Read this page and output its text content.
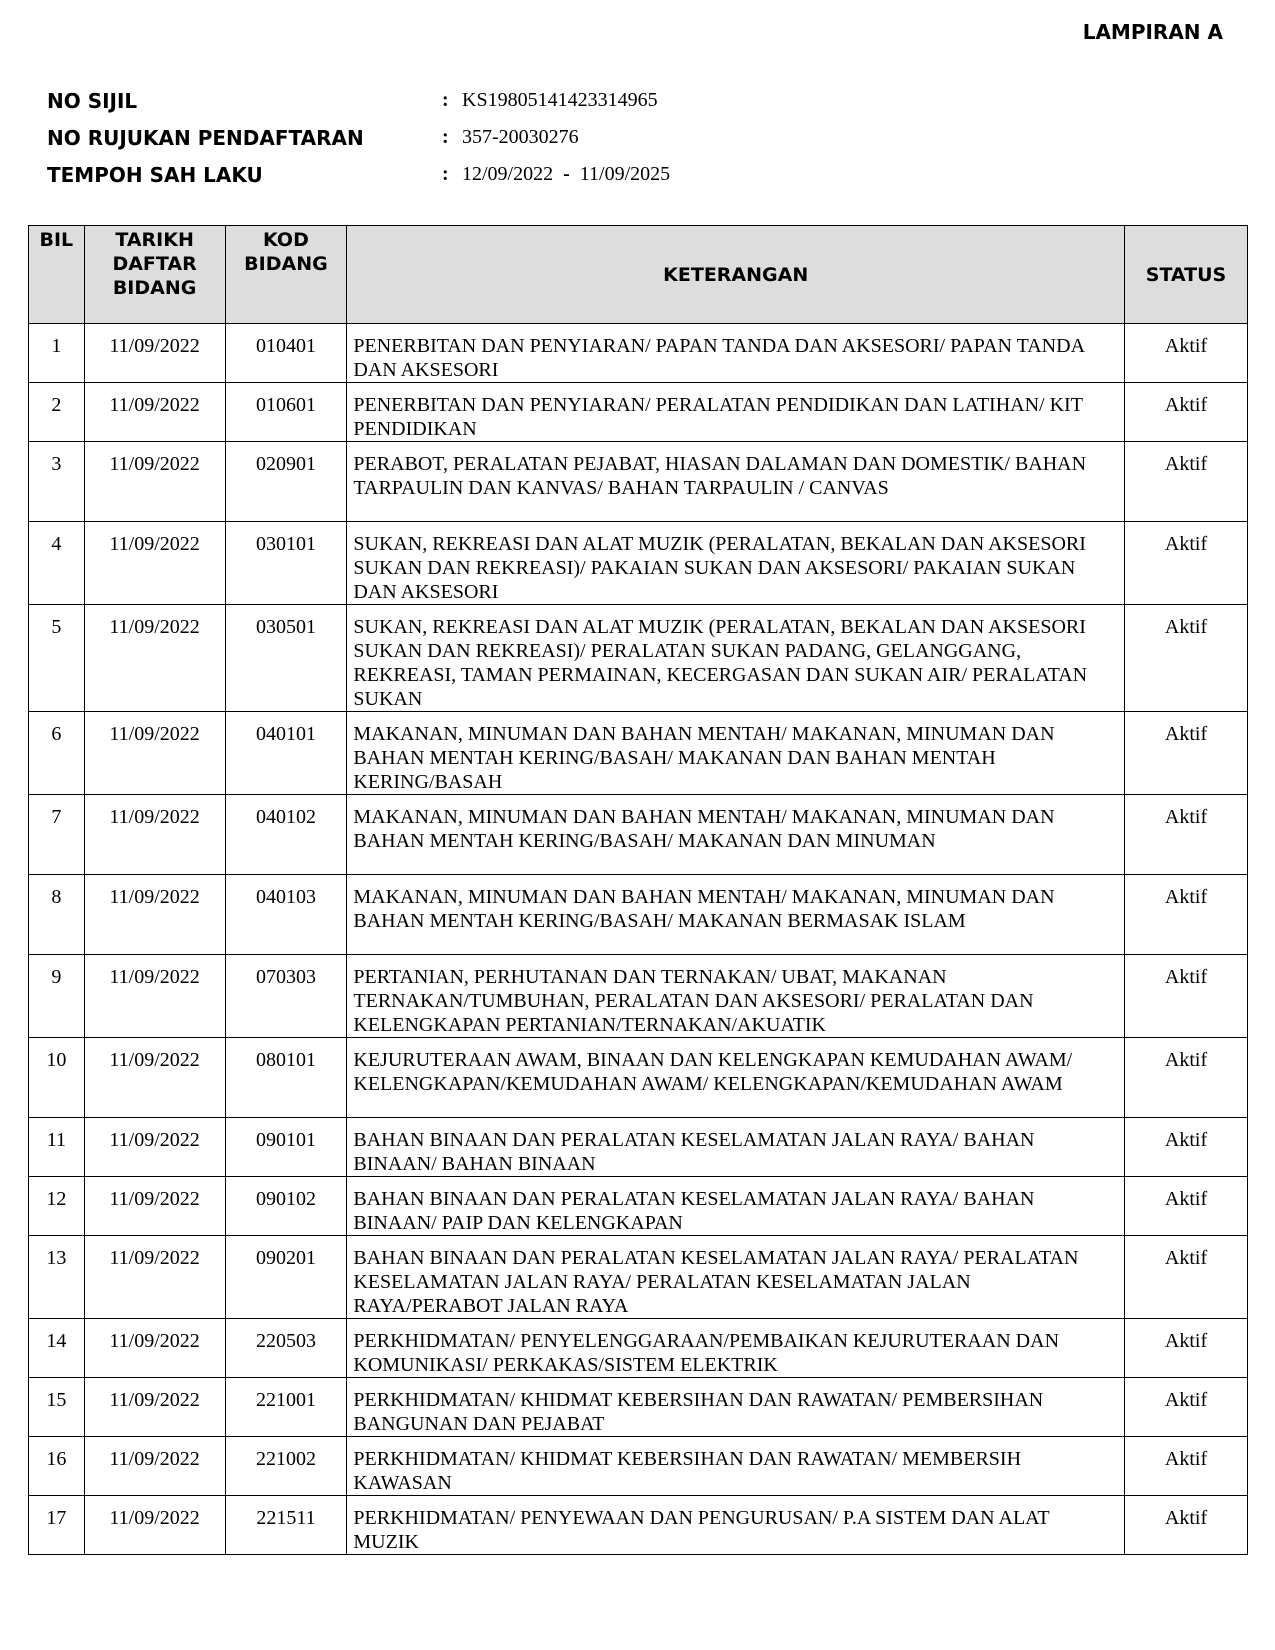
LAMPIRAN A
NO SIJIL	: KS19805141423314965
NO RUJUKAN PENDAFTARAN	: 357-20030276
TEMPOH SAH LAKU	: 12/09/2022 - 11/09/2025
BIL	TARIKH DAFTAR BIDANG	KOD BIDANG	KETERANGAN	STATUS
1	11/09/2022	010401	PENERBITAN DAN PENYIARAN/ PAPAN TANDA DAN AKSESORI/ PAPAN TANDA DAN AKSESORI	Aktif
2	11/09/2022	010601	PENERBITAN DAN PENYIARAN/ PERALATAN PENDIDIKAN DAN LATIHAN/ KIT PENDIDIKAN	Aktif
3	11/09/2022	020901	PERABOT, PERALATAN PEJABAT, HIASAN DALAMAN DAN DOMESTIK/ BAHAN TARPAULIN DAN KANVAS/ BAHAN TARPAULIN / CANVAS	Aktif
4	11/09/2022	030101	SUKAN, REKREASI DAN ALAT MUZIK (PERALATAN, BEKALAN DAN AKSESORI SUKAN DAN REKREASI)/ PAKAIAN SUKAN DAN AKSESORI/ PAKAIAN SUKAN DAN AKSESORI	Aktif
5	11/09/2022	030501	SUKAN, REKREASI DAN ALAT MUZIK (PERALATAN, BEKALAN DAN AKSESORI SUKAN DAN REKREASI)/ PERALATAN SUKAN PADANG, GELANGGANG, REKREASI, TAMAN PERMAINAN, KECERGASAN DAN SUKAN AIR/ PERALATAN SUKAN	Aktif
6	11/09/2022	040101	MAKANAN, MINUMAN DAN BAHAN MENTAH/ MAKANAN, MINUMAN DAN BAHAN MENTAH KERING/BASAH/ MAKANAN DAN BAHAN MENTAH KERING/BASAH	Aktif
7	11/09/2022	040102	MAKANAN, MINUMAN DAN BAHAN MENTAH/ MAKANAN, MINUMAN DAN BAHAN MENTAH KERING/BASAH/ MAKANAN DAN MINUMAN	Aktif
8	11/09/2022	040103	MAKANAN, MINUMAN DAN BAHAN MENTAH/ MAKANAN, MINUMAN DAN BAHAN MENTAH KERING/BASAH/ MAKANAN BERMASAK ISLAM	Aktif
9	11/09/2022	070303	PERTANIAN, PERHUTANAN DAN TERNAKAN/ UBAT, MAKANAN TERNAKAN/TUMBUHAN, PERALATAN DAN AKSESORI/ PERALATAN DAN KELENGKAPAN PERTANIAN/TERNAKAN/AKUATIK	Aktif
10	11/09/2022	080101	KEJURUTERAAN AWAM, BINAAN DAN KELENGKAPAN KEMUDAHAN AWAM/ KELENGKAPAN/KEMUDAHAN AWAM/ KELENGKAPAN/KEMUDAHAN AWAM	Aktif
11	11/09/2022	090101	BAHAN BINAAN DAN PERALATAN KESELAMATAN JALAN RAYA/ BAHAN BINAAN/ BAHAN BINAAN	Aktif
12	11/09/2022	090102	BAHAN BINAAN DAN PERALATAN KESELAMATAN JALAN RAYA/ BAHAN BINAAN/ PAIP DAN KELENGKAPAN	Aktif
13	11/09/2022	090201	BAHAN BINAAN DAN PERALATAN KESELAMATAN JALAN RAYA/ PERALATAN KESELAMATAN JALAN RAYA/ PERALATAN KESELAMATAN JALAN RAYA/PERABOT JALAN RAYA	Aktif
14	11/09/2022	220503	PERKHIDMATAN/ PENYELENGGARAAN/PEMBAIKAN KEJURUTERAAN DAN KOMUNIKASI/ PERKAKAS/SISTEM ELEKTRIK	Aktif
15	11/09/2022	221001	PERKHIDMATAN/ KHIDMAT KEBERSIHAN DAN RAWATAN/ PEMBERSIHAN BANGUNAN DAN PEJABAT	Aktif
16	11/09/2022	221002	PERKHIDMATAN/ KHIDMAT KEBERSIHAN DAN RAWATAN/ MEMBERSIH KAWASAN	Aktif
17	11/09/2022	221511	PERKHIDMATAN/ PENYEWAAN DAN PENGURUSAN/ P.A SISTEM DAN ALAT MUZIK	Aktif
